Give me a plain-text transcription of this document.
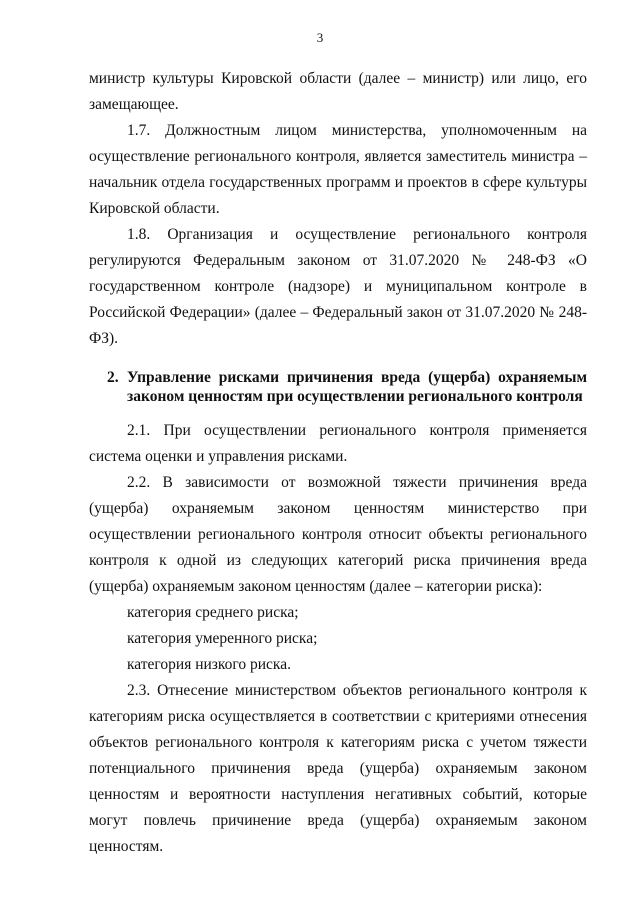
3

министр культуры Кировской области (далее – министр) или лицо, его замещающее.

1.7. Должностным лицом министерства, уполномоченным на осуществление регионального контроля, является заместитель министра – начальник отдела государственных программ и проектов в сфере культуры Кировской области.

1.8. Организация и осуществление регионального контроля регулируются Федеральным законом от 31.07.2020 № 248-ФЗ «О государственном контроле (надзоре) и муниципальном контроле в Российской Федерации» (далее – Федеральный закон от 31.07.2020 № 248-ФЗ).

2. Управление рисками причинения вреда (ущерба) охраняемым законом ценностям при осуществлении регионального контроля

2.1. При осуществлении регионального контроля применяется система оценки и управления рисками.

2.2. В зависимости от возможной тяжести причинения вреда (ущерба) охраняемым законом ценностям министерство при осуществлении регионального контроля относит объекты регионального контроля к одной из следующих категорий риска причинения вреда (ущерба) охраняемым законом ценностям (далее – категории риска):

категория среднего риска;

категория умеренного риска;

категория низкого риска.

2.3. Отнесение министерством объектов регионального контроля к категориям риска осуществляется в соответствии с критериями отнесения объектов регионального контроля к категориям риска с учетом тяжести потенциального причинения вреда (ущерба) охраняемым законом ценностям и вероятности наступления негативных событий, которые могут повлечь причинение вреда (ущерба) охраняемым законом ценностям.
